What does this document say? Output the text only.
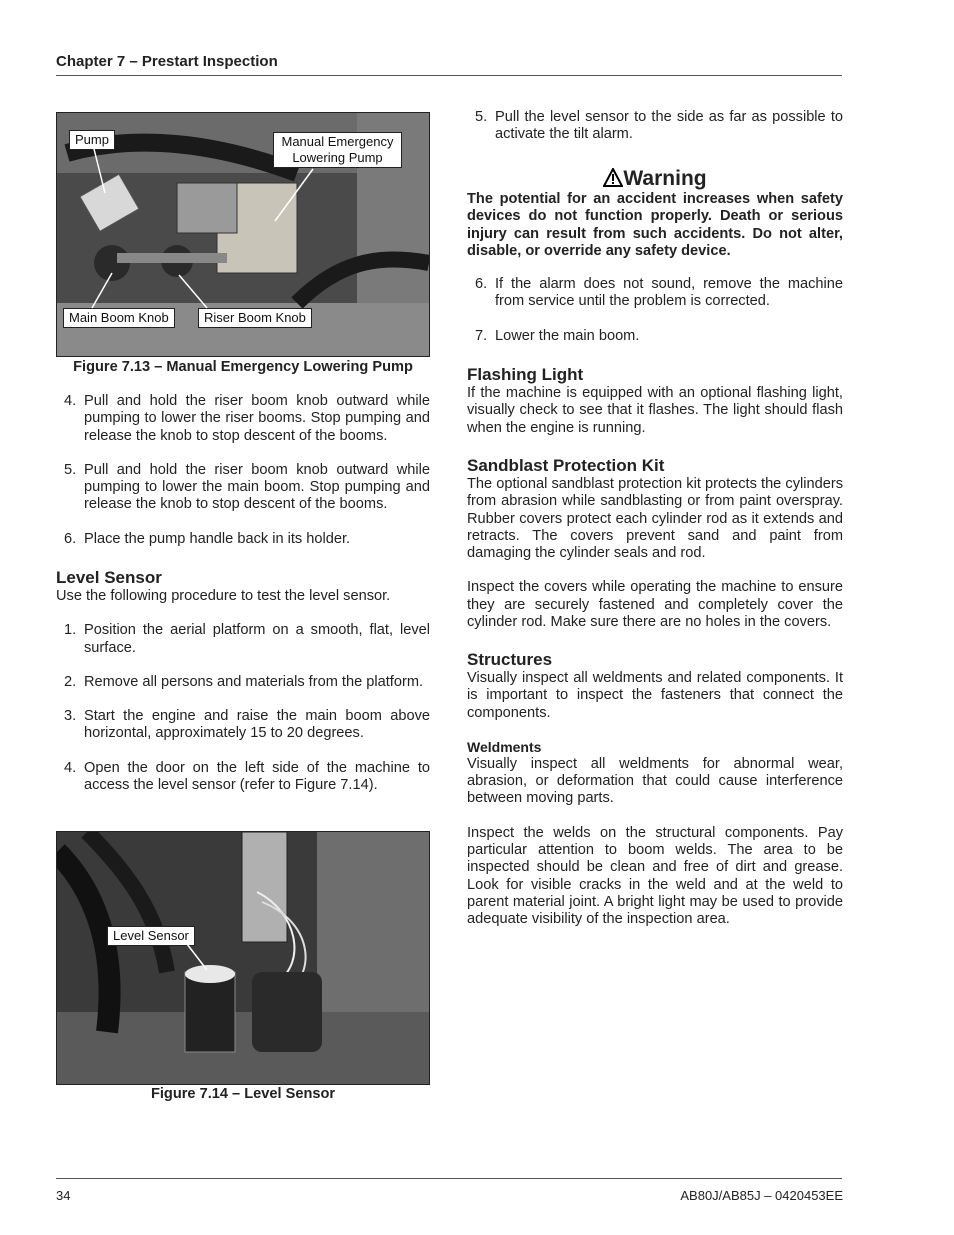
Chapter 7 – Prestart Inspection
Pump	Manual Emergency Lowering Pump
Main Boom Knob	Riser Boom Knob
Figure 7.13 – Manual Emergency Lowering Pump
4. Pull and hold the riser boom knob outward while pumping to lower the riser booms. Stop pumping and release the knob to stop descent of the booms.
5. Pull and hold the riser boom knob outward while pumping to lower the main boom. Stop pumping and release the knob to stop descent of the booms.
6. Place the pump handle back in its holder.
Level Sensor

Use the following procedure to test the level sensor.

1. Position the aerial platform on a smooth, flat, level surface.
2. Remove all persons and materials from the platform.
3. Start the engine and raise the main boom above horizontal, approximately 15 to 20 degrees.
4. Open the door on the left side of the machine to access the level sensor (refer to Figure 7.14).
Level Sensor
Figure 7.14 – Level Sensor
5. Pull the level sensor to the side as far as possible to activate the tilt alarm.
Warning
The potential for an accident increases when safety devices do not function properly. Death or serious injury can result from such accidents. Do not alter, disable, or override any safety device.
6. If the alarm does not sound, remove the machine from service until the problem is corrected.
7. Lower the main boom.
Flashing Light

If the machine is equipped with an optional flashing light, visually check to see that it flashes. The light should flash when the engine is running.

Sandblast Protection Kit

The optional sandblast protection kit protects the cylinders from abrasion while sandblasting or from paint overspray. Rubber covers protect each cylinder rod as it extends and retracts. The covers prevent sand and paint from damaging the cylinder seals and rod.

Inspect the covers while operating the machine to ensure they are securely fastened and completely cover the cylinder rod. Make sure there are no holes in the covers.

Structures

Visually inspect all weldments and related components. It is important to inspect the fasteners that connect the components.

Weldments

Visually inspect all weldments for abnormal wear, abrasion, or deformation that could cause interference between moving parts.

Inspect the welds on the structural components. Pay particular attention to boom welds. The area to be inspected should be clean and free of dirt and grease. Look for visible cracks in the weld and at the weld to parent material joint. A bright light may be used to provide adequate visibility of the inspection area.

34	AB80J/AB85J – 0420453EE
